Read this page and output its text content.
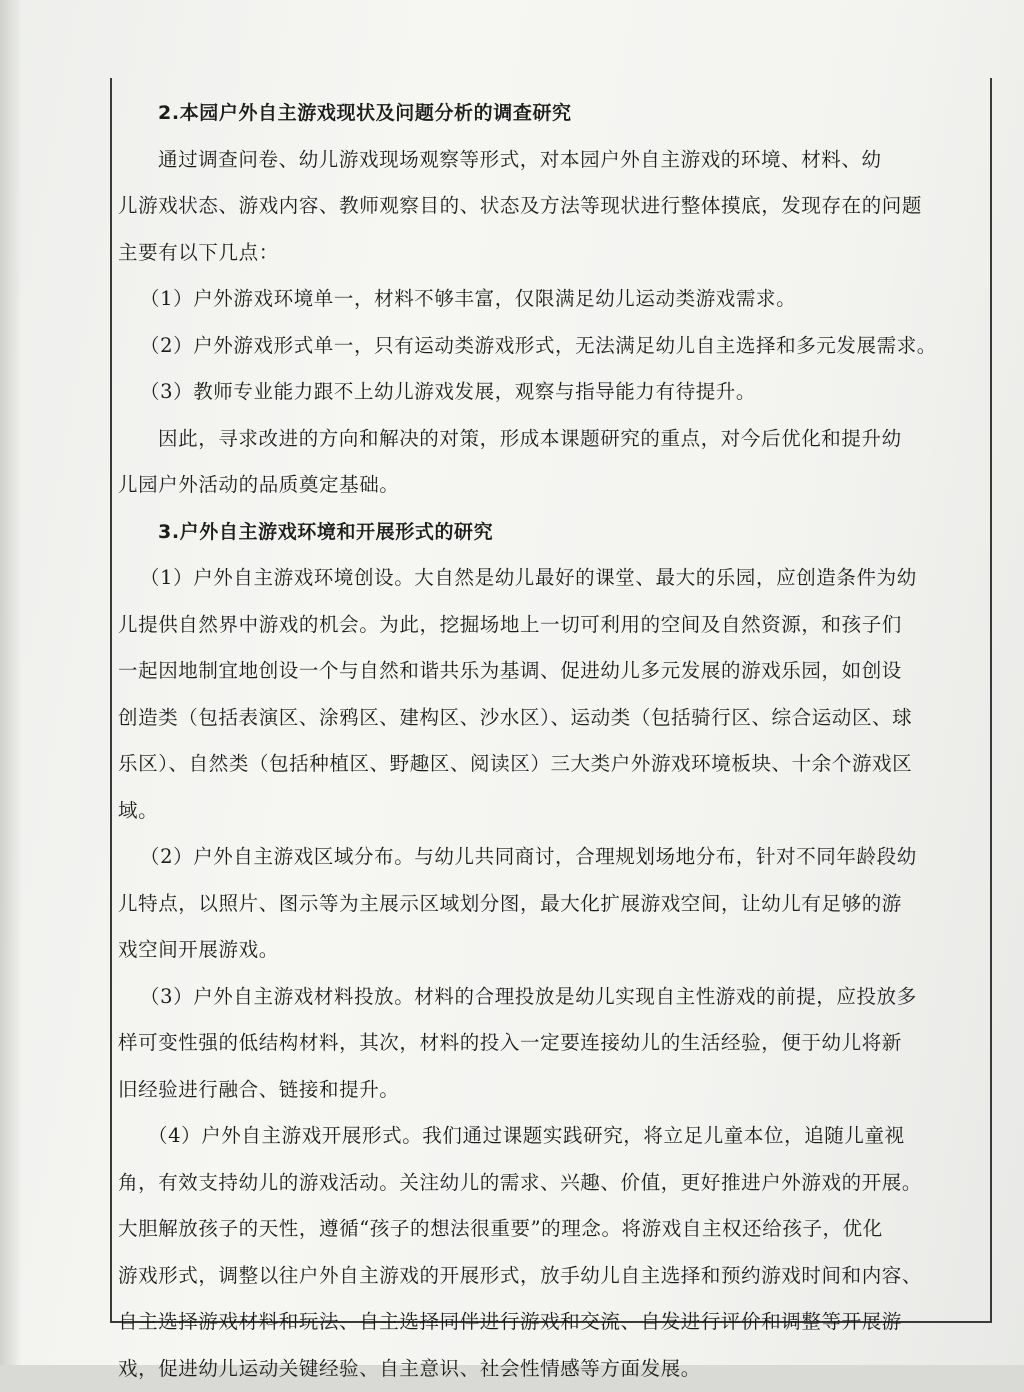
2.本园户外自主游戏现状及问题分析的调查研究
通过调查问卷、幼儿游戏现场观察等形式，对本园户外自主游戏的环境、材料、幼
儿游戏状态、游戏内容、教师观察目的、状态及方法等现状进行整体摸底，发现存在的问题
主要有以下几点：
（1）户外游戏环境单一，材料不够丰富，仅限满足幼儿运动类游戏需求。
（2）户外游戏形式单一，只有运动类游戏形式，无法满足幼儿自主选择和多元发展需求。
（3）教师专业能力跟不上幼儿游戏发展，观察与指导能力有待提升。
因此，寻求改进的方向和解决的对策，形成本课题研究的重点，对今后优化和提升幼
儿园户外活动的品质奠定基础。
3.户外自主游戏环境和开展形式的研究
（1）户外自主游戏环境创设。大自然是幼儿最好的课堂、最大的乐园，应创造条件为幼
儿提供自然界中游戏的机会。为此，挖掘场地上一切可利用的空间及自然资源，和孩子们
一起因地制宜地创设一个与自然和谐共乐为基调、促进幼儿多元发展的游戏乐园，如创设
创造类（包括表演区、涂鸦区、建构区、沙水区）、运动类（包括骑行区、综合运动区、球
乐区）、自然类（包括种植区、野趣区、阅读区）三大类户外游戏环境板块、十余个游戏区
域。
（2）户外自主游戏区域分布。与幼儿共同商讨，合理规划场地分布，针对不同年龄段幼
儿特点，以照片、图示等为主展示区域划分图，最大化扩展游戏空间，让幼儿有足够的游
戏空间开展游戏。
（3）户外自主游戏材料投放。材料的合理投放是幼儿实现自主性游戏的前提，应投放多
样可变性强的低结构材料，其次，材料的投入一定要连接幼儿的生活经验，便于幼儿将新
旧经验进行融合、链接和提升。
（4）户外自主游戏开展形式。我们通过课题实践研究，将立足儿童本位，追随儿童视
角，有效支持幼儿的游戏活动。关注幼儿的需求、兴趣、价值，更好推进户外游戏的开展。
大胆解放孩子的天性，遵循“孩子的想法很重要”的理念。将游戏自主权还给孩子，优化
游戏形式，调整以往户外自主游戏的开展形式，放手幼儿自主选择和预约游戏时间和内容、
自主选择游戏材料和玩法、自主选择同伴进行游戏和交流、自发进行评价和调整等开展游
戏，促进幼儿运动关键经验、自主意识、社会性情感等方面发展。
